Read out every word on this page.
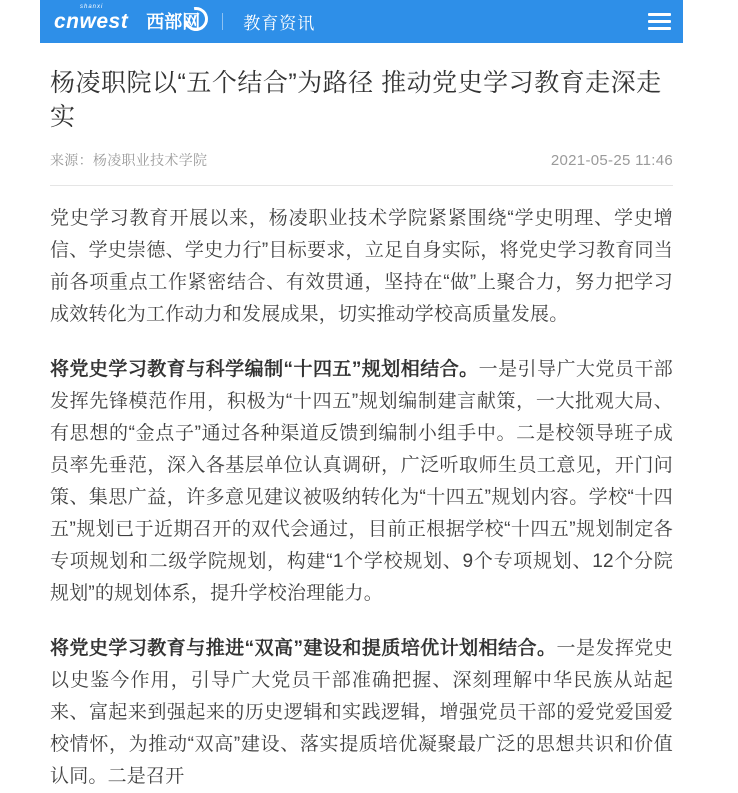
cnwest
shanxi
西部网	教育资讯
杨凌职院以“五个结合”为路径 推动党史学习教育走深走实
来源：杨凌职业技术学院	2021-05-25 11:46

党史学习教育开展以来，杨凌职业技术学院紧紧围绕“学史明理、学史增信、学史崇德、学史力行”目标要求，立足自身实际，将党史学习教育同当前各项重点工作紧密结合、有效贯通，坚持在“做”上聚合力，努力把学习成效转化为工作动力和发展成果，切实推动学校高质量发展。

将党史学习教育与科学编制“十四五”规划相结合。一是引导广大党员干部发挥先锋模范作用，积极为“十四五”规划编制建言献策，一大批观大局、有思想的“金点子”通过各种渠道反馈到编制小组手中。二是校领导班子成员率先垂范，深入各基层单位认真调研，广泛听取师生员工意见，开门问策、集思广益，许多意见建议被吸纳转化为“十四五”规划内容。学校“十四五”规划已于近期召开的双代会通过，目前正根据学校“十四五”规划制定各专项规划和二级学院规划，构建“1个学校规划、9个专项规划、12个分院规划”的规划体系，提升学校治理能力。

将党史学习教育与推进“双高”建设和提质培优计划相结合。一是发挥党史以史鉴今作用，引导广大党员干部准确把握、深刻理解中华民族从站起来、富起来到强起来的历史逻辑和实践逻辑，增强党员干部的爱党爱国爱校情怀，为推动“双高”建设、落实提质培优凝聚最广泛的思想共识和价值认同。二是召开
